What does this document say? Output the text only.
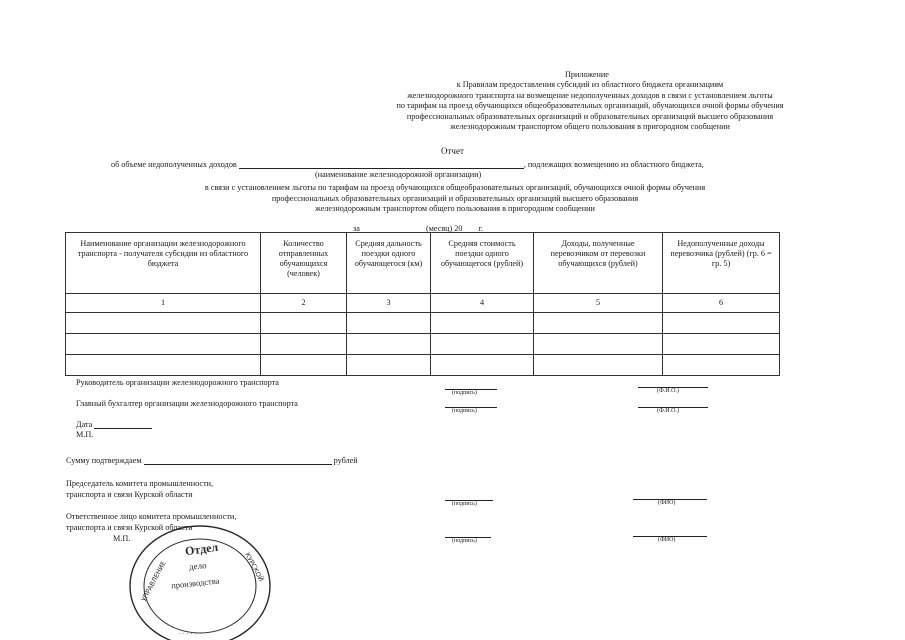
Приложение
к Правилам предоставления субсидий из областного бюджета организациям
железнодорожного транспорта на возмещение недополученных доходов в связи с установлением льготы
по тарифам на проезд обучающихся общеобразовательных организаций, обучающихся очной формы обучения
профессиональных образовательных организаций и образовательных организаций высшего образования
железнодорожным транспортом общего пользования в пригородном сообщении
Отчет
об объеме недополученных доходов	, подлежащих возмещению из областного бюджета,
(наименование железнодорожной организации)
в связи с установлением льготы по тарифам на проезд обучающихся общеобразовательных организаций, обучающихся очной формы обучения
профессиональных образовательных организаций и образовательных организаций высшего образования
железнодорожным транспортом общего пользования в пригородном сообщении
за	(месяц) 20 г.
Наименование организации железнодорожного транспорта - получателя субсидии из областного бюджета	Количество отправленных обучающихся (человек)	Средняя дальность поездки одного обучающегося (км)	Средняя стоимость поездки одного обучающегося (рублей)	Доходы, полученные перевозчиком от перевозки обучающихся (рублей)	Недополученные доходы перевозчика (рублей) (гр. 6 = гр. 5)
1	2	3	4	5	6

Руководитель организации железнодорожного транспорта
(подпись)	(Ф.И.О.)
Главный бухгалтер организации железнодорожного транспорта
(подпись)	(Ф.И.О.)
Дата
М.П.
Сумму подтверждаем	рублей
Председатель комитета промышленности,
транспорта и связи Курской области
(подпись)	(ФИО)
Ответственное лицо комитета промышленности,
транспорта и связи Курской области
М.П.	(подпись)	(ФИО)
УПРАВЛЕНИЕ	КУРСКОЙ
· · · · ·
Отдел
дело
производства
